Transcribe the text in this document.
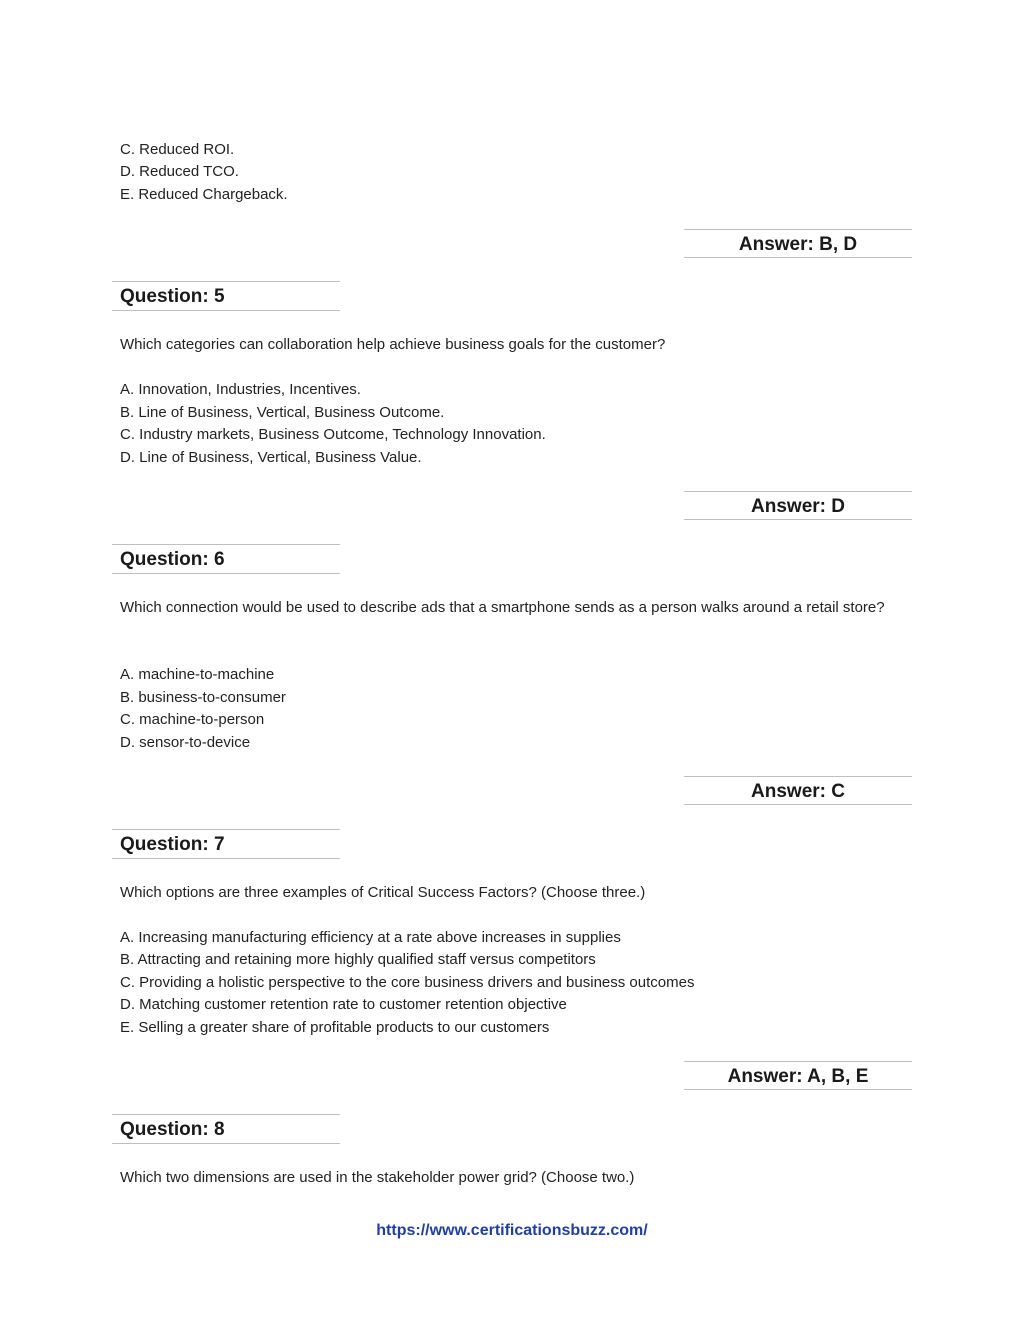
C. Reduced ROI.
D. Reduced TCO.
E. Reduced Chargeback.
Answer: B, D
Question: 5
Which categories can collaboration help achieve business goals for the customer?
A. Innovation, Industries, Incentives.
B. Line of Business, Vertical, Business Outcome.
C. Industry markets, Business Outcome, Technology Innovation.
D. Line of Business, Vertical, Business Value.
Answer: D
Question: 6
Which connection would be used to describe ads that a smartphone sends as a person walks around a retail store?
A. machine-to-machine
B. business-to-consumer
C. machine-to-person
D. sensor-to-device
Answer: C
Question: 7
Which options are three examples of Critical Success Factors? (Choose three.)
A. Increasing manufacturing efficiency at a rate above increases in supplies
B. Attracting and retaining more highly qualified staff versus competitors
C. Providing a holistic perspective to the core business drivers and business outcomes
D. Matching customer retention rate to customer retention objective
E. Selling a greater share of profitable products to our customers
Answer: A, B, E
Question: 8
Which two dimensions are used in the stakeholder power grid? (Choose two.)
https://www.certificationsbuzz.com/
